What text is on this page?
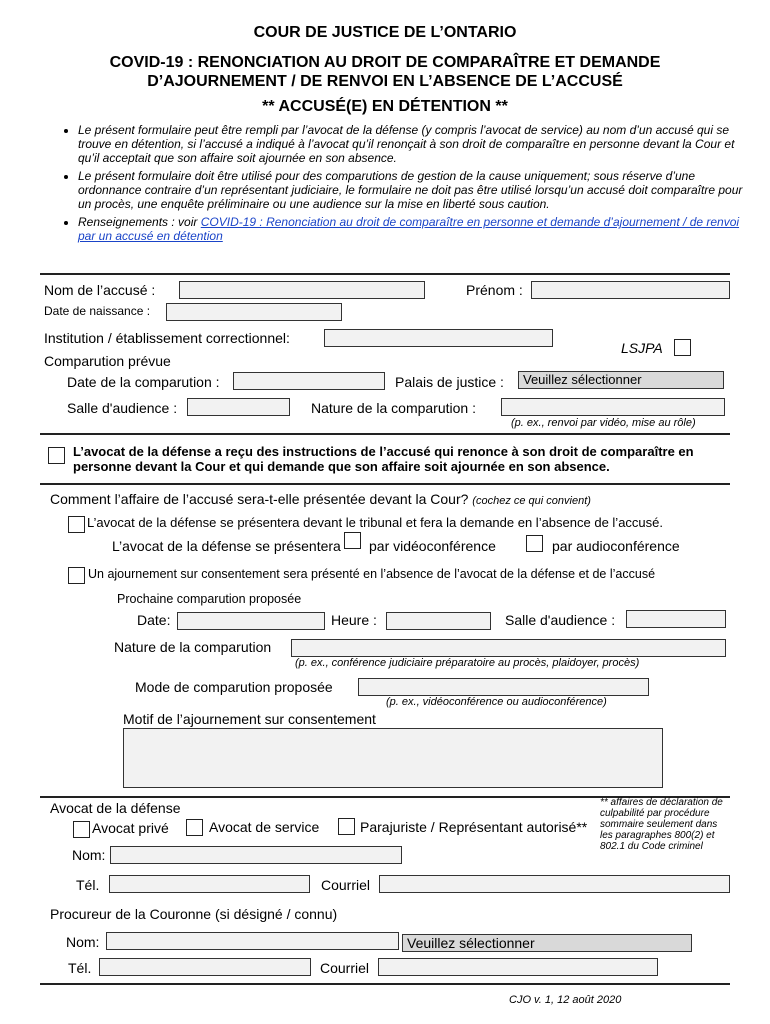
COUR DE JUSTICE DE L’ONTARIO
COVID-19 : RENONCIATION AU DROIT DE COMPARAÎTRE ET DEMANDE
D’AJOURNEMENT / DE RENVOI EN L’ABSENCE DE L’ACCUSÉ
** ACCUSÉ(E) EN DÉTENTION **
• Le présent formulaire peut être rempli par l’avocat de la défense (y compris l’avocat de service) au nom d’un accusé qui se trouve en détention, si l’accusé a indiqué à l’avocat qu’il renonçait à son droit de comparaître en personne devant la Cour et qu’il acceptait que son affaire soit ajournée en son absence.
• Le présent formulaire doit être utilisé pour des comparutions de gestion de la cause uniquement; sous réserve d’une ordonnance contraire d’un représentant judiciaire, le formulaire ne doit pas être utilisé lorsqu’un accusé doit comparaître pour un procès, une enquête préliminaire ou une audience sur la mise en liberté sous caution.
• Renseignements : voir COVID-19 : Renonciation au droit de comparaître en personne et demande d’ajournement / de renvoi par un accusé en détention
Nom de l’accusé :	Prénom :
Date de naissance :
Institution / établissement correctionnel:
LSJPA
Comparution prévue
Date de la comparution :	Palais de justice :	Veuillez sélectionner
Salle d'audience :	Nature de la comparution :
(p. ex., renvoi par vidéo, mise au rôle)
L’avocat de la défense a reçu des instructions de l’accusé qui renonce à son droit de comparaître en personne devant la Cour et qui demande que son affaire soit ajournée en son absence.
Comment l’affaire de l’accusé sera-t-elle présentée devant la Cour? (cochez ce qui convient)
L’avocat de la défense se présentera devant le tribunal et fera la demande en l’absence de l’accusé.
L’avocat de la défense se présentera par vidéoconférence	par audioconférence
Un ajournement sur consentement sera présenté en l’absence de l’avocat de la défense et de l’accusé
Prochaine comparution proposée
Date:	Heure :	Salle d'audience :
Nature de la comparution
(p. ex., conférence judiciaire préparatoire au procès, plaidoyer, procès)
Mode de comparution proposée
(p. ex., vidéoconférence ou audioconférence)
Motif de l’ajournement sur consentement
Avocat de la défense
Avocat privé	Avocat de service	Parajuriste / Représentant autorisé**
** affaires de déclaration de culpabilité par procédure sommaire seulement dans les paragraphes 800(2) et 802.1 du Code criminel
Nom:
Tél.	Courriel
Procureur de la Couronne (si désigné / connu)
Nom:	Veuillez sélectionner
Tél.	Courriel
CJO v. 1, 12 août 2020
